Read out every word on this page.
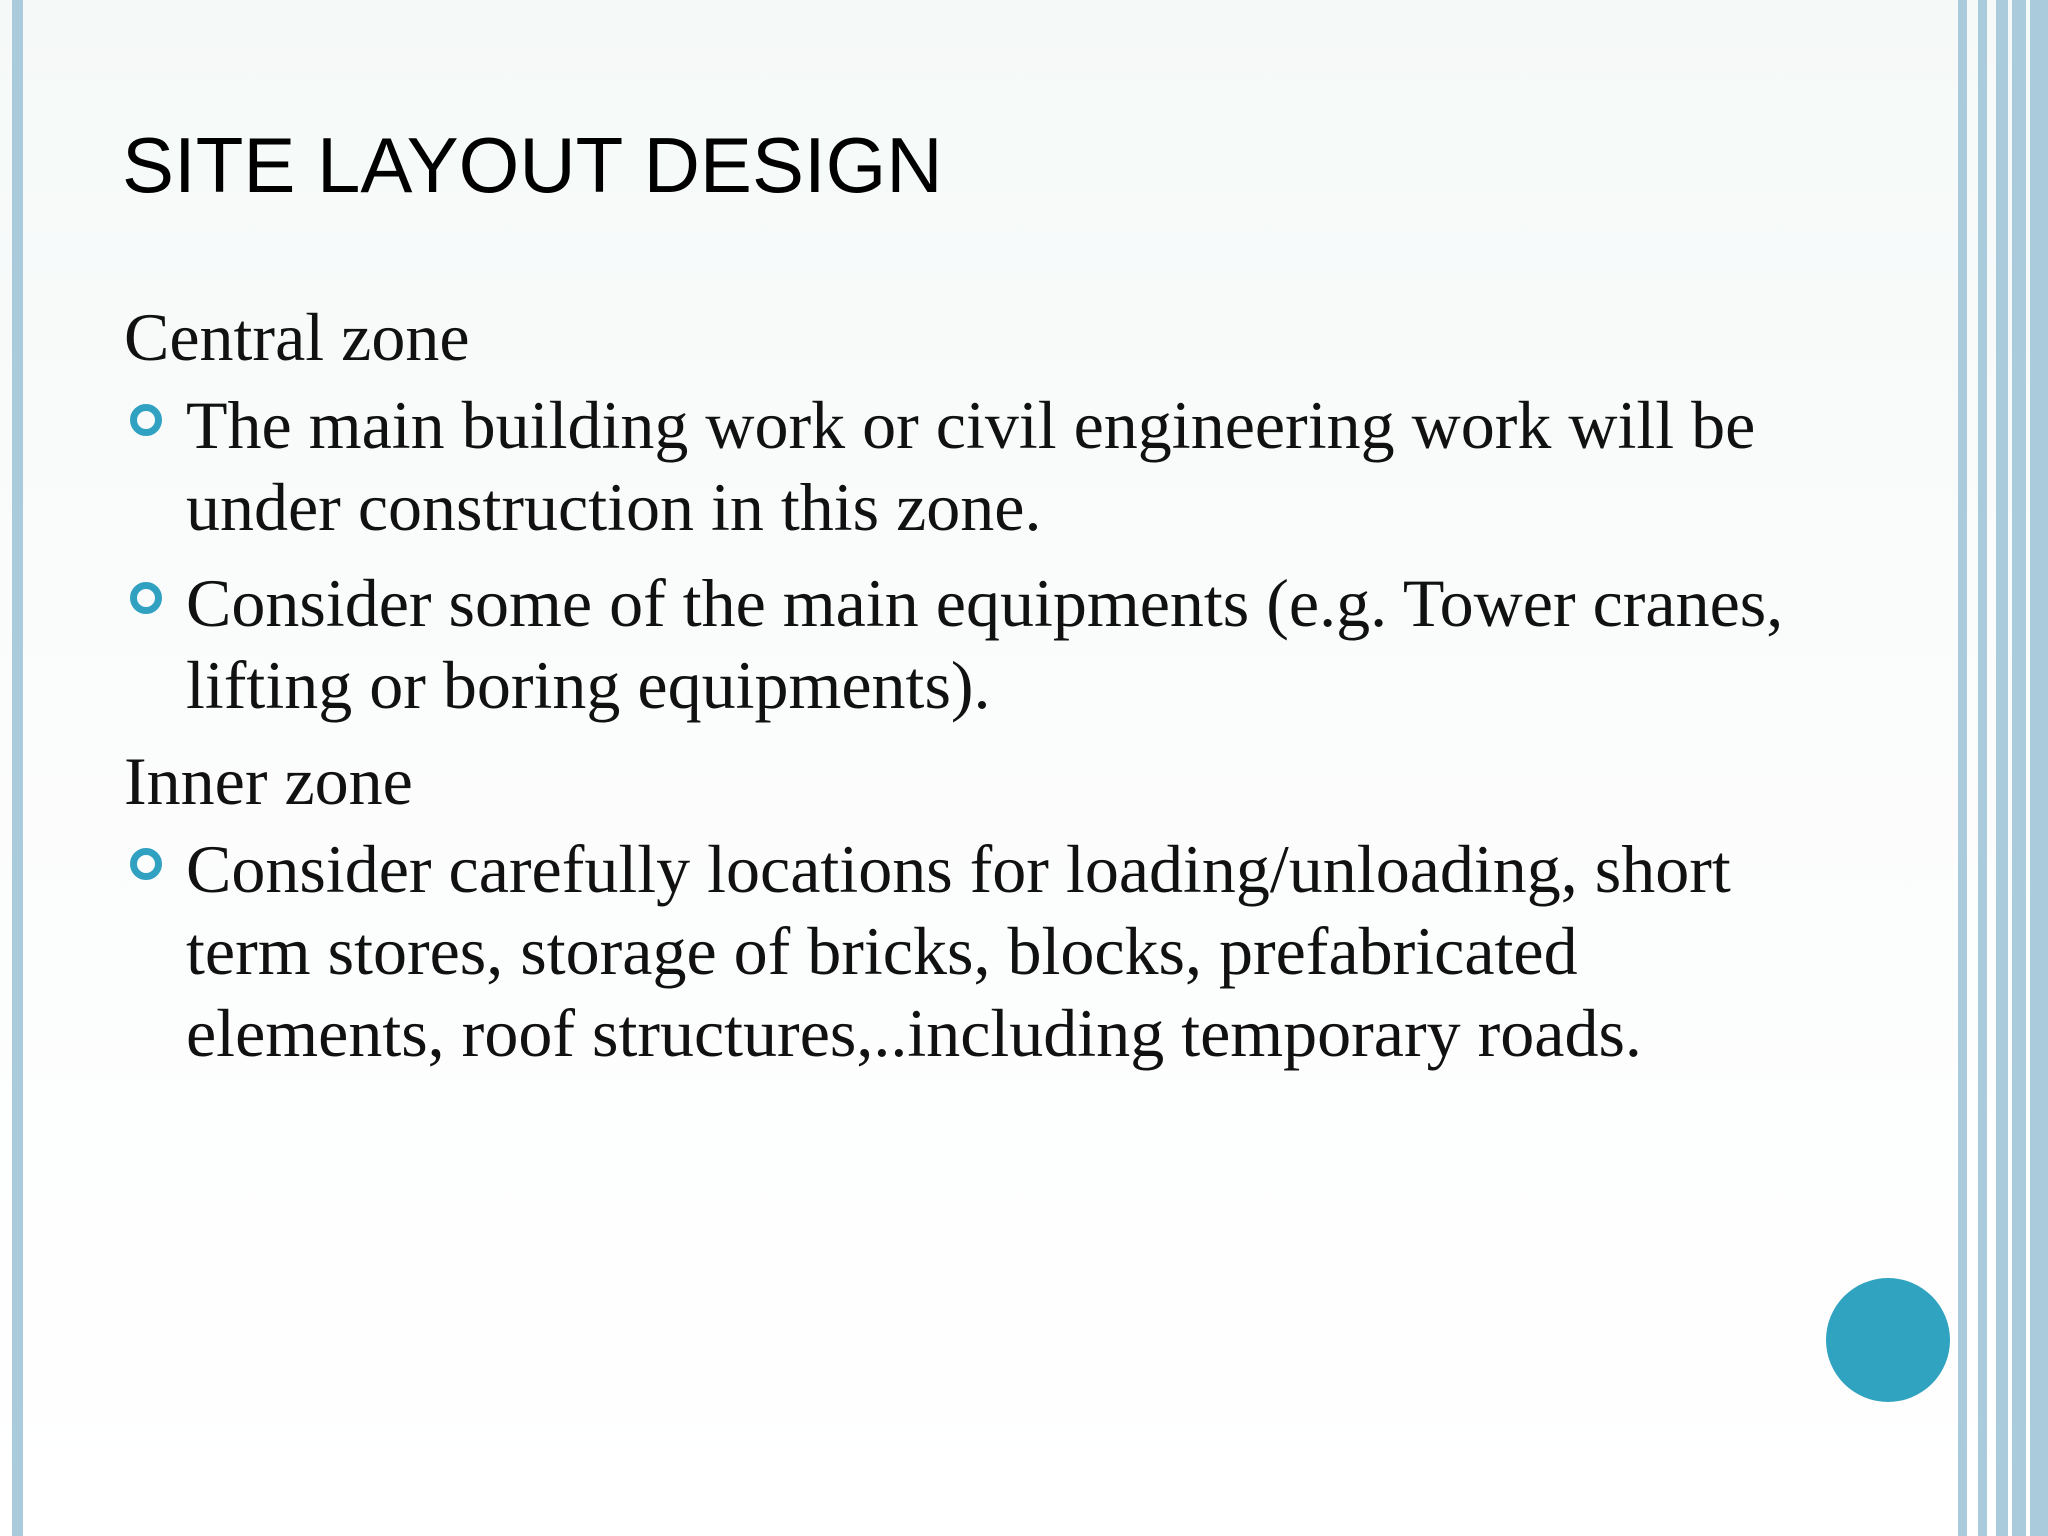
SITE LAYOUT DESIGN

Central zone

The main building work or civil engineering work will be under construction in this zone.
Consider some of the main equipments (e.g. Tower cranes, lifting or boring equipments).

Inner zone

Consider carefully locations for loading/unloading, short term stores, storage of bricks, blocks, prefabricated elements, roof structures,..including temporary roads.
